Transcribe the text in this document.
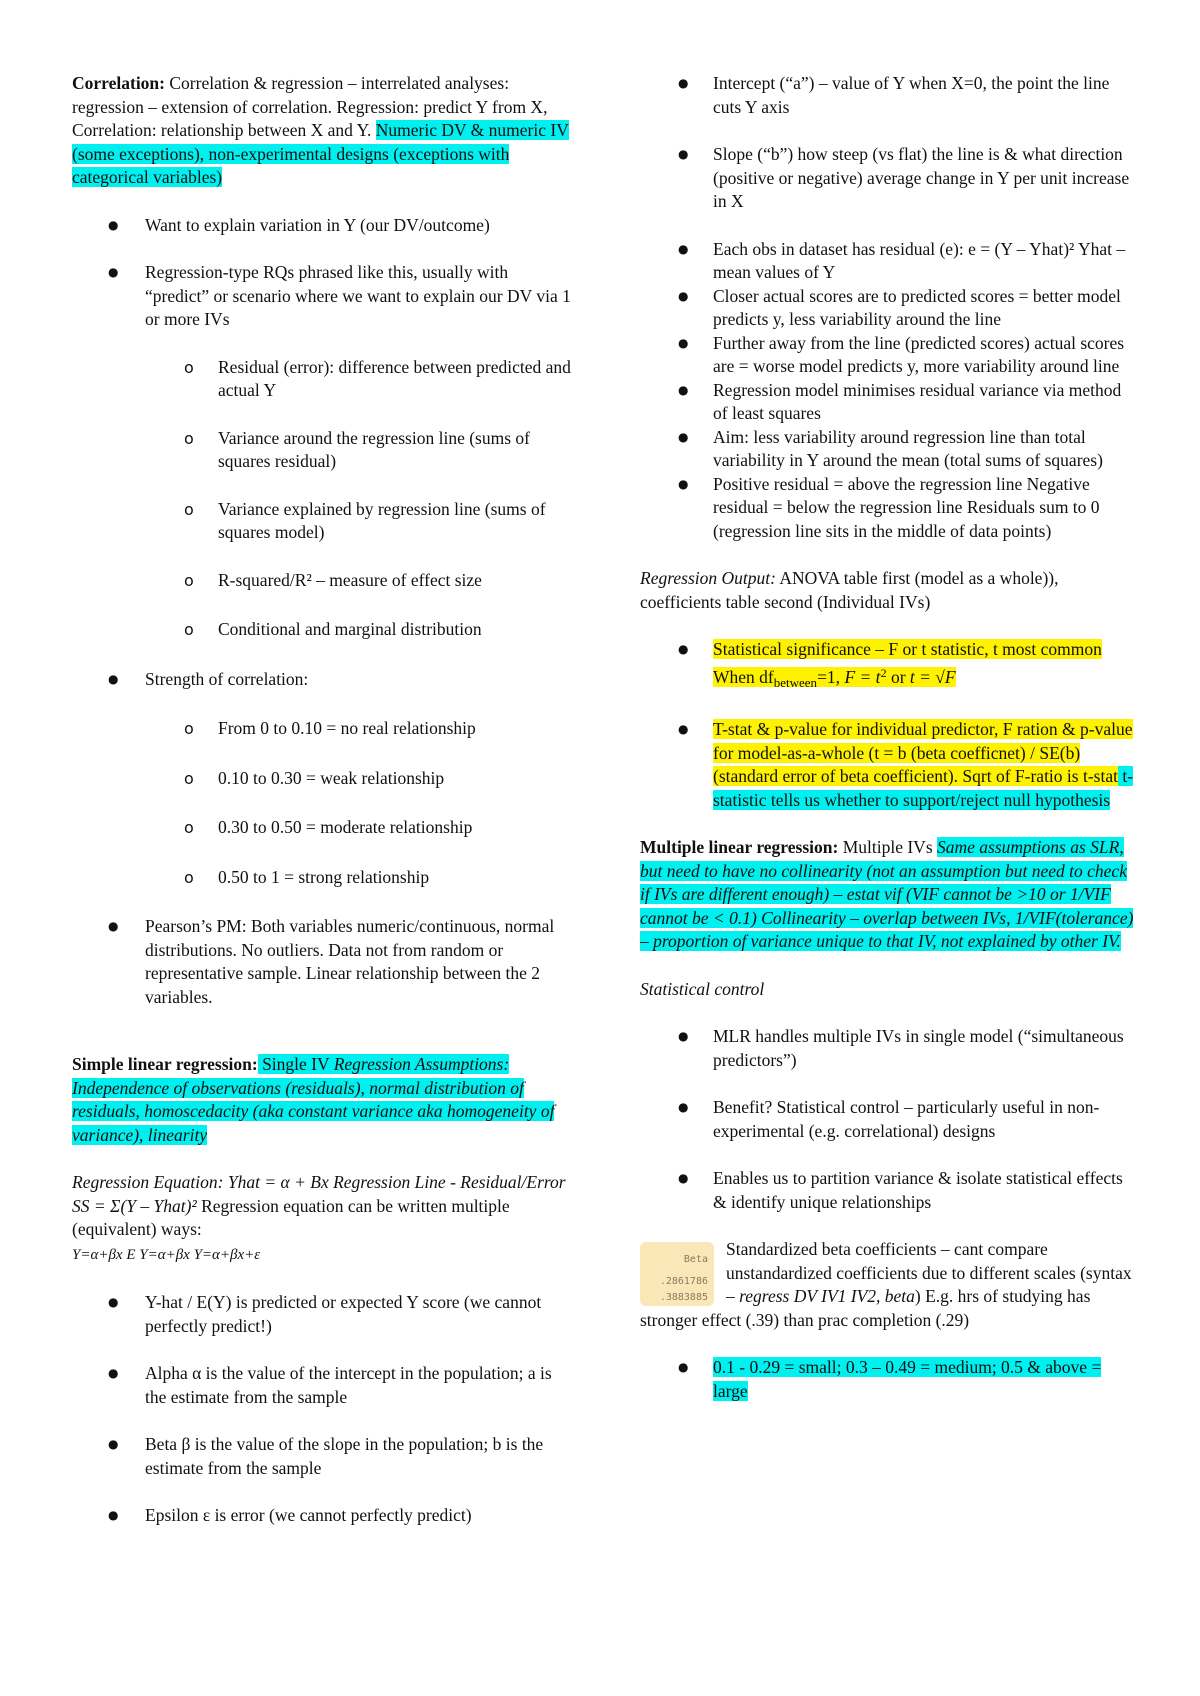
Correlation: Correlation & regression – interrelated analyses: regression – extension of correlation. Regression: predict Y from X, Correlation: relationship between X and Y. Numeric DV & numeric IV (some exceptions), non-experimental designs (exceptions with categorical variables)

● Want to explain variation in Y (our DV/outcome)
● Regression-type RQs phrased like this, usually with “predict” or scenario where we want to explain our DV via 1 or more IVs
o Residual (error): difference between predicted and actual Y
o Variance around the regression line (sums of squares residual)
o Variance explained by regression line (sums of squares model)
o R-squared/R² – measure of effect size
o Conditional and marginal distribution
● Strength of correlation:
o From 0 to 0.10 = no real relationship
o 0.10 to 0.30 = weak relationship
o 0.30 to 0.50 = moderate relationship
o 0.50 to 1 = strong relationship
● Pearson’s PM: Both variables numeric/continuous, normal distributions. No outliers. Data not from random or representative sample. Linear relationship between the 2 variables.

Simple linear regression: Single IV Regression Assumptions: Independence of observations (residuals), normal distribution of residuals, homoscedacity (aka constant variance aka homogeneity of variance), linearity

Regression Equation: Yhat = α + Bx Regression Line - Residual/Error SS = Σ(Y – Yhat)² Regression equation can be written multiple (equivalent) ways:
Y=α+βx E Y=α+βx Y=α+βx+ε

● Y-hat / E(Y) is predicted or expected Y score (we cannot perfectly predict!)
● Alpha α is the value of the intercept in the population; a is the estimate from the sample
● Beta β is the value of the slope in the population; b is the estimate from the sample
● Epsilon ε is error (we cannot perfectly predict)
● Intercept (“a”) – value of Y when X=0, the point the line cuts Y axis
● Slope (“b”) how steep (vs flat) the line is & what direction (positive or negative) average change in Y per unit increase in X
● Each obs in dataset has residual (e): e = (Y – Yhat)² Yhat – mean values of Y
● Closer actual scores are to predicted scores = better model predicts y, less variability around the line
● Further away from the line (predicted scores) actual scores are = worse model predicts y, more variability around line
● Regression model minimises residual variance via method of least squares
● Aim: less variability around regression line than total variability in Y around the mean (total sums of squares)
● Positive residual = above the regression line Negative residual = below the regression line Residuals sum to 0 (regression line sits in the middle of data points)

Regression Output: ANOVA table first (model as a whole)), coefficients table second (Individual IVs)

● Statistical significance – F or t statistic, t most common When $df_{between}=1$, $F = t^2$ or t = √F
● T-stat & p-value for individual predictor, F ration & p-value for model-as-a-whole (t = b (beta coefficnet) / SE(b) (standard error of beta coefficient). Sqrt of F-ratio is t-stat t-statistic tells us whether to support/reject null hypothesis

Multiple linear regression: Multiple IVs Same assumptions as SLR, but need to have no collinearity (not an assumption but need to check if IVs are different enough) – estat vif (VIF cannot be >10 or 1/VIF cannot be < 0.1) Collinearity – overlap between IVs, 1/VIF(tolerance) – proportion of variance unique to that IV, not explained by other IV.

Statistical control

● MLR handles multiple IVs in single model (“simultaneous predictors”)
● Benefit? Statistical control – particularly useful in non-experimental (e.g. correlational) designs
● Enables us to partition variance & isolate statistical effects & identify unique relationships
Beta
.2861786
.3883885

Standardized beta coefficients – cant compare unstandardized coefficients due to different scales (syntax – regress DV IV1 IV2, beta) E.g. hrs of studying has stronger effect (.39) than prac completion (.29)

● 0.1 - 0.29 = small; 0.3 – 0.49 = medium; 0.5 & above = large
